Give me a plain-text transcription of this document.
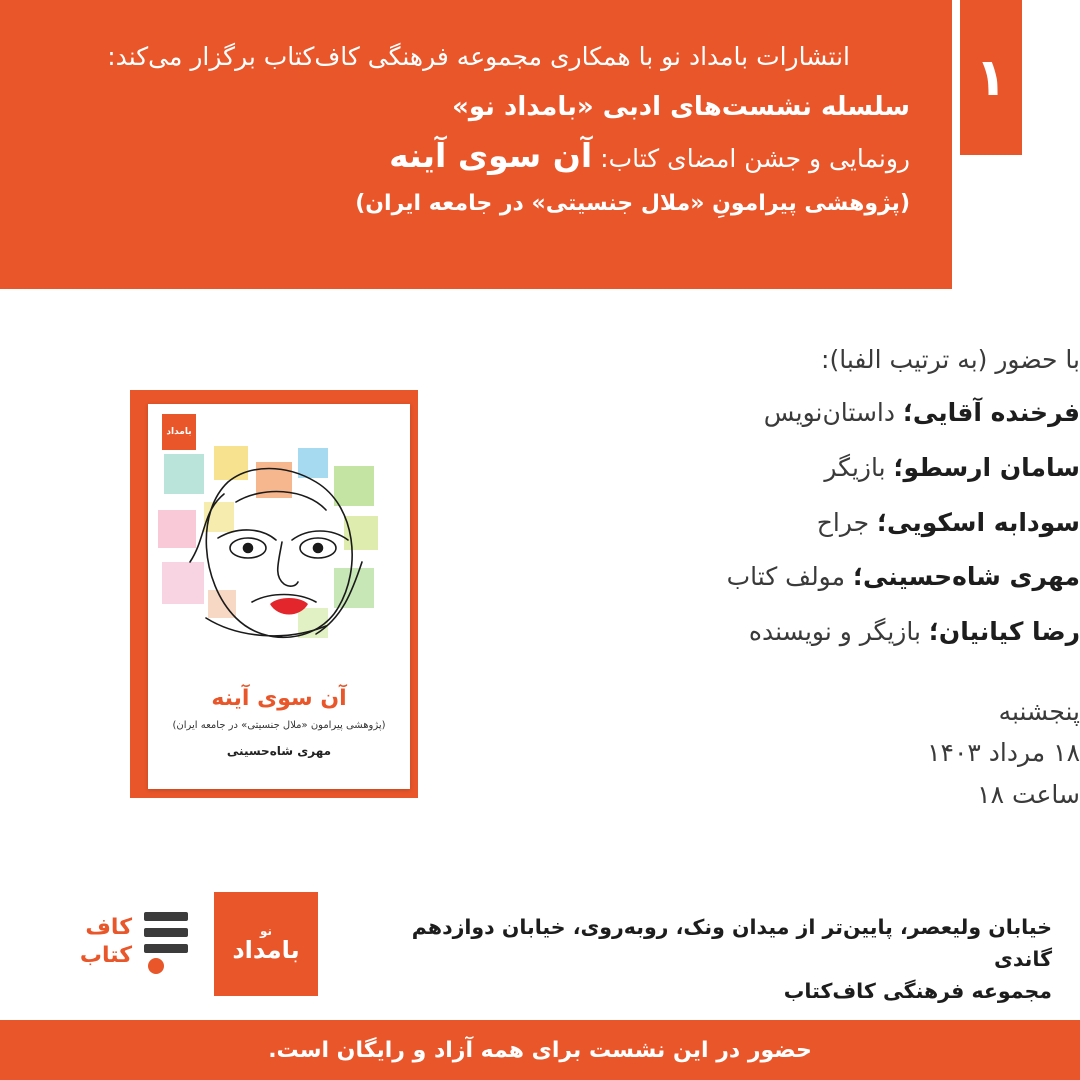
انتشارات بامداد نو با همکاری مجموعه فرهنگی کاف‌کتاب برگزار می‌کند:
سلسله نشست‌های ادبی «بامداد نو»
رونمایی و جشن امضای کتاب: آن سوی آینه
(پژوهشی پیرامونِ «ملال جنسیتی» در جامعه ایران)
۱
با حضور (به ترتیب الفبا):
فرخنده آقایی؛ داستان‌نویس
سامان ارسطو؛ بازیگر
سودابه اسکویی؛ جراح
مهری شاه‌حسینی؛ مولف کتاب
رضا کیانیان؛ بازیگر و نویسنده
پنجشنبه
۱۸ مرداد ۱۴۰۳
ساعت ۱۸
بامداد
آن سوی آینه
(پژوهشی پیرامون «ملال جنسیتی» در جامعه ایران)
مهری شاه‌حسینی
کاف
کتاب
نو
بامداد
خیابان ولیعصر، پایین‌تر از میدان ونک، روبه‌روی، خیابان دوازدهم گاندی
مجموعه فرهنگی کاف‌کتاب
حضور در این نشست برای همه آزاد و رایگان است.
